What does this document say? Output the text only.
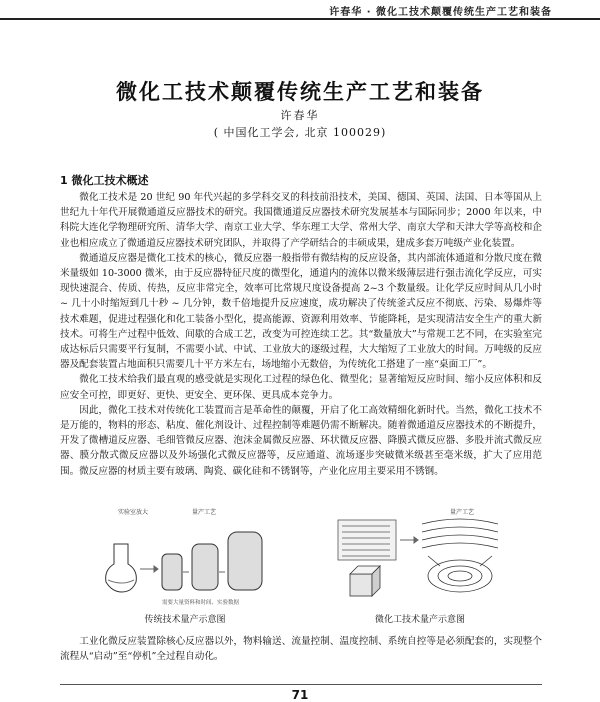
许春华 · 微化工技术颠覆传统生产工艺和装备
微化工技术颠覆传统生产工艺和装备
许春华
( 中国化工学会, 北京 100029)
1 微化工技术概述

微化工技术是 20 世纪 90 年代兴起的多学科交叉的科技前沿技术，美国、德国、英国、法国、日本等国从上世纪九十年代开展微通道反应器技术的研究。我国微通道反应器技术研究发展基本与国际同步；2000 年以来，中科院大连化学物理研究所、清华大学、南京工业大学、华东理工大学、常州大学、南京大学和天津大学等高校和企业也相应成立了微通道反应器技术研究团队，并取得了产学研结合的丰硕成果，建成多套万吨级产业化装置。

微通道反应器是微化工技术的核心，微反应器一般指带有微结构的反应设备，其内部流体通道和分散尺度在微米量级如 10-3000 微米，由于反应器特征尺度的微型化，通道内的流体以微米级薄层进行强击流化学反应，可实现快速混合、传质、传热，反应非常完全，效率可比常规尺度设备提高 2~3 个数量级。让化学反应时间从几小时 ~ 几十小时缩短到几十秒 ~ 几分钟，数千倍地提升反应速度，成功解决了传统釜式反应不彻底、污染、易爆炸等技术难题，促进过程强化和化工装备小型化，提高能源、资源利用效率、节能降耗，是实现清洁安全生产的重大新技术。可将生产过程中低效、间歇的合成工艺，改变为可控连续工艺。其“数量放大”与常规工艺不同，在实验室完成达标后只需要平行复制，不需要小试、中试、工业放大的逐级过程，大大缩短了工业放大的时间。万吨级的反应器及配套装置占地面积只需要几十平方米左右，场地缩小无数倍，为传统化工搭建了一座“桌面工厂”。

微化工技术给我们最直观的感受就是实现化工过程的绿色化、微型化；显著缩短反应时间、缩小反应体积和反应安全可控，即更好、更快、更安全、更环保、更具成本竞争力。

因此，微化工技术对传统化工装置而言是革命性的颠覆，开启了化工高效精细化新时代。当然，微化工技术不是万能的，物料的形态、粘度、催化剂设计、过程控制等难题仍需不断解决。随着微通道反应器技术的不断提升，开发了微槽道反应器、毛细管微反应器、泡沫金属微反应器、环状微反应器、降膜式微反应器、多股并流式微反应器、膜分散式微反应器以及外场强化式微反应器等，反应通道、流场逐步突破微米级甚至毫米级，扩大了应用范围。微反应器的材质主要有玻璃、陶瓷、碳化硅和不锈钢等，产业化应用主要采用不锈钢。

实验室放大	量产工艺
需要大量资料和时间、实验数据
传统技术量产示意图
量产工艺
微化工技术量产示意图

工业化微反应装置除核心反应器以外，物料输送、流量控制、温度控制、系统自控等是必须配套的，实现整个流程从“启动”至“停机”全过程自动化。

71
